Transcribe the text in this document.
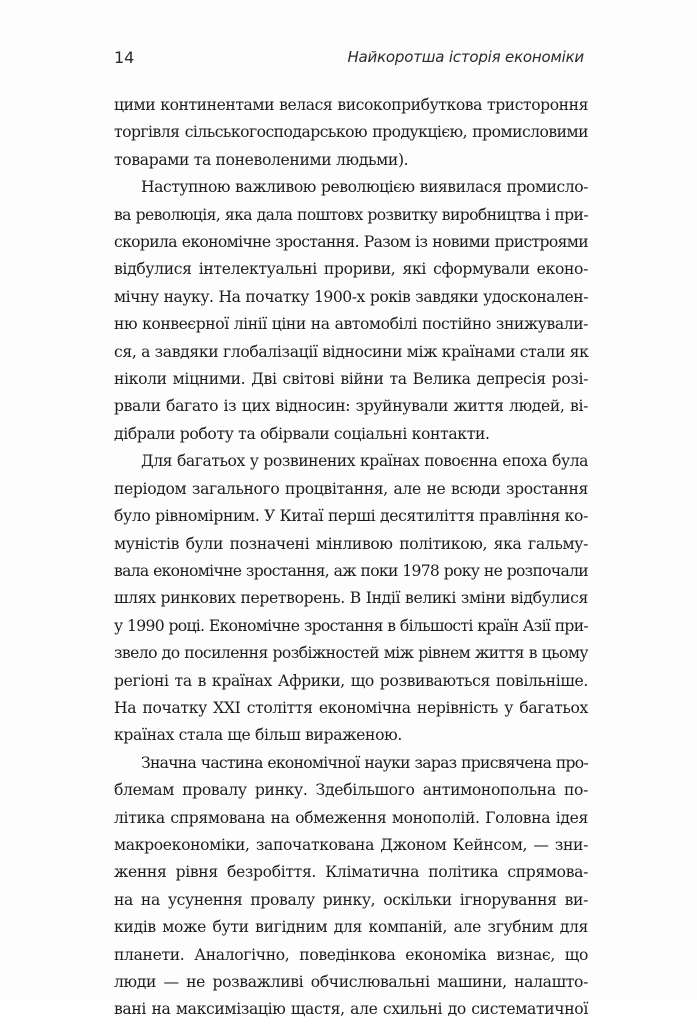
14	Найкоротша історія економіки
цими континентами велася високоприбуткова тристороння
торгівля сільськогосподарською продукцією, промисловими
товарами та поневоленими людьми).
Наступною важливою революцією виявилася промисло-
ва революція, яка дала поштовх розвитку виробництва і при-
скорила економічне зростання. Разом із новими пристроями
відбулися інтелектуальні прориви, які сформували еконо-
мічну науку. На початку 1900-х років завдяки удосконален-
ню конвеєрної лінії ціни на автомобілі постійно знижували-
ся, а завдяки глобалізації відносини між країнами стали як
ніколи міцними. Дві світові війни та Велика депресія розі-
рвали багато із цих відносин: зруйнували життя людей, ві-
дібрали роботу та обірвали соціальні контакти.
Для багатьох у розвинених країнах повоєнна епоха була
періодом загального процвітання, але не всюди зростання
було рівномірним. У Китаї перші десятиліття правління ко-
муністів були позначені мінливою політикою, яка гальму-
вала економічне зростання, аж поки 1978 року не розпочали
шлях ринкових перетворень. В Індії великі зміни відбулися
у 1990 році. Економічне зростання в більшості країн Азії при-
звело до посилення розбіжностей між рівнем життя в цьому
регіоні та в країнах Африки, що розвиваються повільніше.
На початку XXI століття економічна нерівність у багатьох
країнах стала ще більш вираженою.
Значна частина економічної науки зараз присвячена про-
блемам провалу ринку. Здебільшого антимонопольна по-
літика спрямована на обмеження монополій. Головна ідея
макроекономіки, започаткована Джоном Кейнсом, — зни-
ження рівня безробіття. Кліматична політика спрямова-
на на усунення провалу ринку, оскільки ігнорування ви-
кидів може бути вигідним для компаній, але згубним для
планети. Аналогічно, поведінкова економіка визнає, що
люди — не розважливі обчислювальні машини, налашто-
вані на максимізацію щастя, але схильні до систематичної
